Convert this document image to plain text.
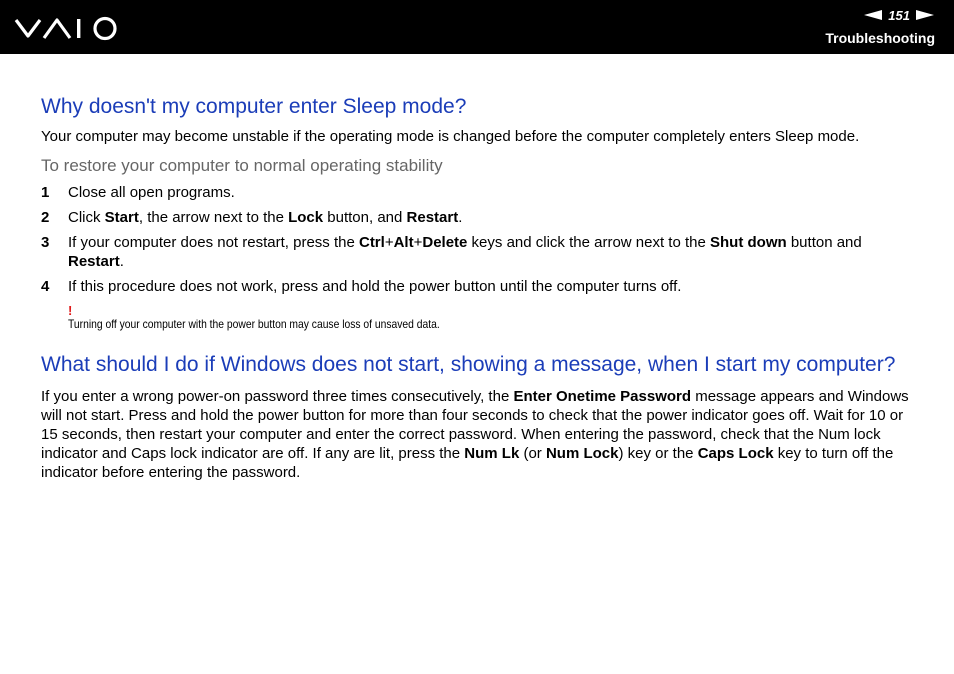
151
Troubleshooting
Why doesn't my computer enter Sleep mode?

Your computer may become unstable if the operating mode is changed before the computer completely enters Sleep mode.

To restore your computer to normal operating stability
1	Close all open programs.
2	Click Start, the arrow next to the Lock button, and Restart.
3	If your computer does not restart, press the Ctrl+Alt+Delete keys and click the arrow next to the Shut down button and Restart.
4	If this procedure does not work, press and hold the power button until the computer turns off.
!
Turning off your computer with the power button may cause loss of unsaved data.
What should I do if Windows does not start, showing a message, when I start my computer?

If you enter a wrong power-on password three times consecutively, the Enter Onetime Password message appears and Windows will not start. Press and hold the power button for more than four seconds to check that the power indicator goes off. Wait for 10 or 15 seconds, then restart your computer and enter the correct password. When entering the password, check that the Num lock indicator and Caps lock indicator are off. If any are lit, press the Num Lk (or Num Lock) key or the Caps Lock key to turn off the indicator before entering the password.
